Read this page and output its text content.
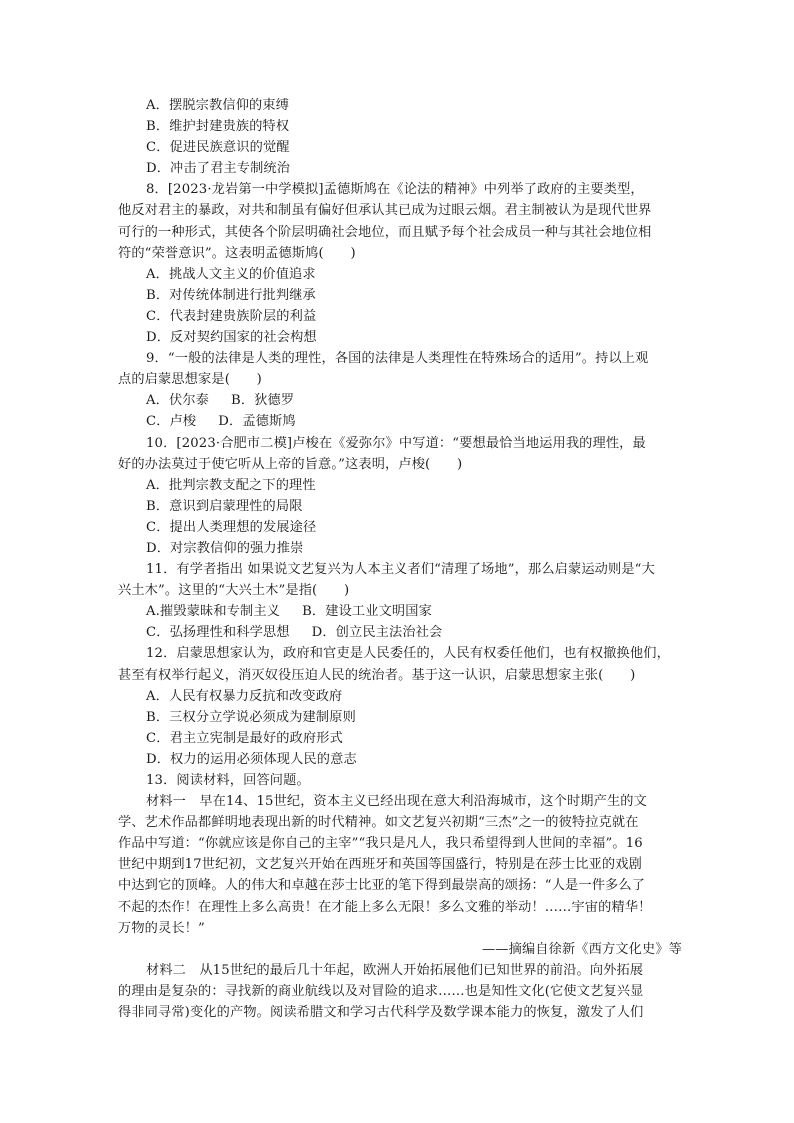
A．摆脱宗教信仰的束缚
B．维护封建贵族的特权
C．促进民族意识的觉醒
D．冲击了君主专制统治
8．[2023·龙岩第一中学模拟]孟德斯鸠在《论法的精神》中列举了政府的主要类型，
他反对君主的暴政，对共和制虽有偏好但承认其已成为过眼云烟。君主制被认为是现代世界
可行的一种形式，其使各个阶层明确社会地位，而且赋予每个社会成员一种与其社会地位相
符的“荣誉意识”。这表明孟德斯鸠(　　)
A．挑战人文主义的价值追求
B．对传统体制进行批判继承
C．代表封建贵族阶层的利益
D．反对契约国家的社会构想
9．“一般的法律是人类的理性，各国的法律是人类理性在特殊场合的适用”。持以上观
点的启蒙思想家是(　　)
A．伏尔泰 B．狄德罗
C．卢梭 D．孟德斯鸠
10．[2023·合肥市二模]卢梭在《爱弥尔》中写道：“要想最恰当地运用我的理性，最
好的办法莫过于使它听从上帝的旨意。”这表明，卢梭(　　)
A．批判宗教支配之下的理性
B．意识到启蒙理性的局限
C．提出人类理想的发展途径
D．对宗教信仰的强力推崇
11．有学者指出 如果说文艺复兴为人本主义者们“清理了场地”，那么启蒙运动则是“大
兴土木”。这里的“大兴土木”是指(　　)
A.摧毁蒙昧和专制主义 B．建设工业文明国家
C．弘扬理性和科学思想 D．创立民主法治社会
12．启蒙思想家认为，政府和官吏是人民委任的，人民有权委任他们，也有权撤换他们，
甚至有权举行起义，消灭奴役压迫人民的统治者。基于这一认识，启蒙思想家主张(　　)
A．人民有权暴力反抗和改变政府
B．三权分立学说必须成为建制原则
C．君主立宪制是最好的政府形式
D．权力的运用必须体现人民的意志
13．阅读材料，回答问题。
材料一　早在14、15世纪，资本主义已经出现在意大利沿海城市，这个时期产生的文
学、艺术作品都鲜明地表现出新的时代精神。如文艺复兴初期“三杰”之一的彼特拉克就在
作品中写道：“你就应该是你自己的主宰”“我只是凡人，我只希望得到人世间的幸福”。16
世纪中期到17世纪初，文艺复兴开始在西班牙和英国等国盛行，特别是在莎士比亚的戏剧
中达到它的顶峰。人的伟大和卓越在莎士比亚的笔下得到最崇高的颂扬：“人是一件多么了
不起的杰作！在理性上多么高贵！在才能上多么无限！多么文雅的举动！……宇宙的精华！
万物的灵长！”
——摘编自徐新《西方文化史》等
材料二　从15世纪的最后几十年起，欧洲人开始拓展他们已知世界的前沿。向外拓展
的理由是复杂的：寻找新的商业航线以及对冒险的追求……也是知性文化(它使文艺复兴显
得非同寻常)变化的产物。阅读希腊文和学习古代科学及数学课本能力的恢复，激发了人们
